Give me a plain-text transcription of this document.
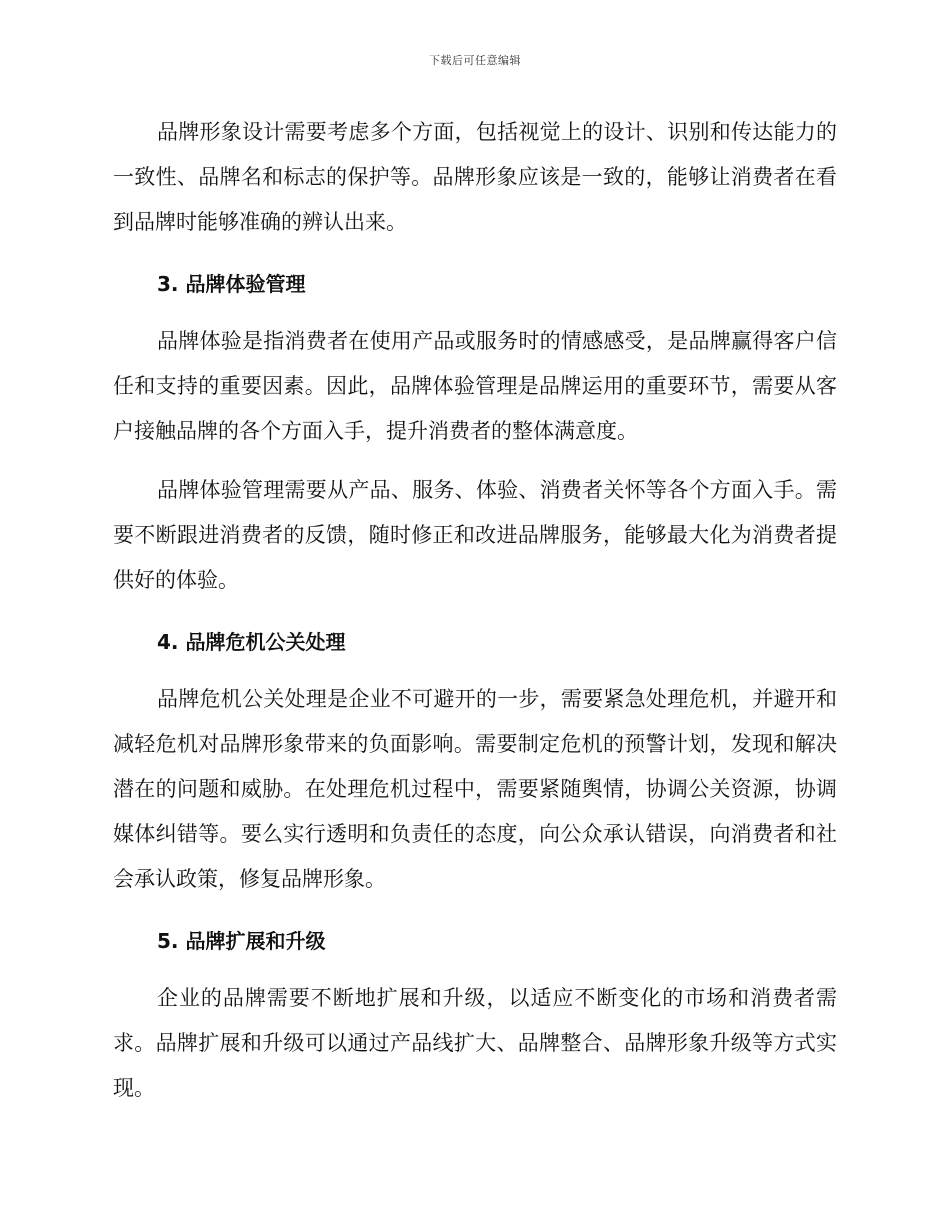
下载后可任意编辑

品牌形象设计需要考虑多个方面，包括视觉上的设计、识别和传达能力的一致性、品牌名和标志的保护等。品牌形象应该是一致的，能够让消费者在看到品牌时能够准确的辨认出来。

3. 品牌体验管理

品牌体验是指消费者在使用产品或服务时的情感感受，是品牌赢得客户信任和支持的重要因素。因此，品牌体验管理是品牌运用的重要环节，需要从客户接触品牌的各个方面入手，提升消费者的整体满意度。

品牌体验管理需要从产品、服务、体验、消费者关怀等各个方面入手。需要不断跟进消费者的反馈，随时修正和改进品牌服务，能够最大化为消费者提供好的体验。

4. 品牌危机公关处理

品牌危机公关处理是企业不可避开的一步，需要紧急处理危机，并避开和减轻危机对品牌形象带来的负面影响。需要制定危机的预警计划，发现和解决潜在的问题和威胁。在处理危机过程中，需要紧随舆情，协调公关资源，协调媒体纠错等。要么实行透明和负责任的态度，向公众承认错误，向消费者和社会承认政策，修复品牌形象。

5. 品牌扩展和升级

企业的品牌需要不断地扩展和升级，以适应不断变化的市场和消费者需求。品牌扩展和升级可以通过产品线扩大、品牌整合、品牌形象升级等方式实现。
